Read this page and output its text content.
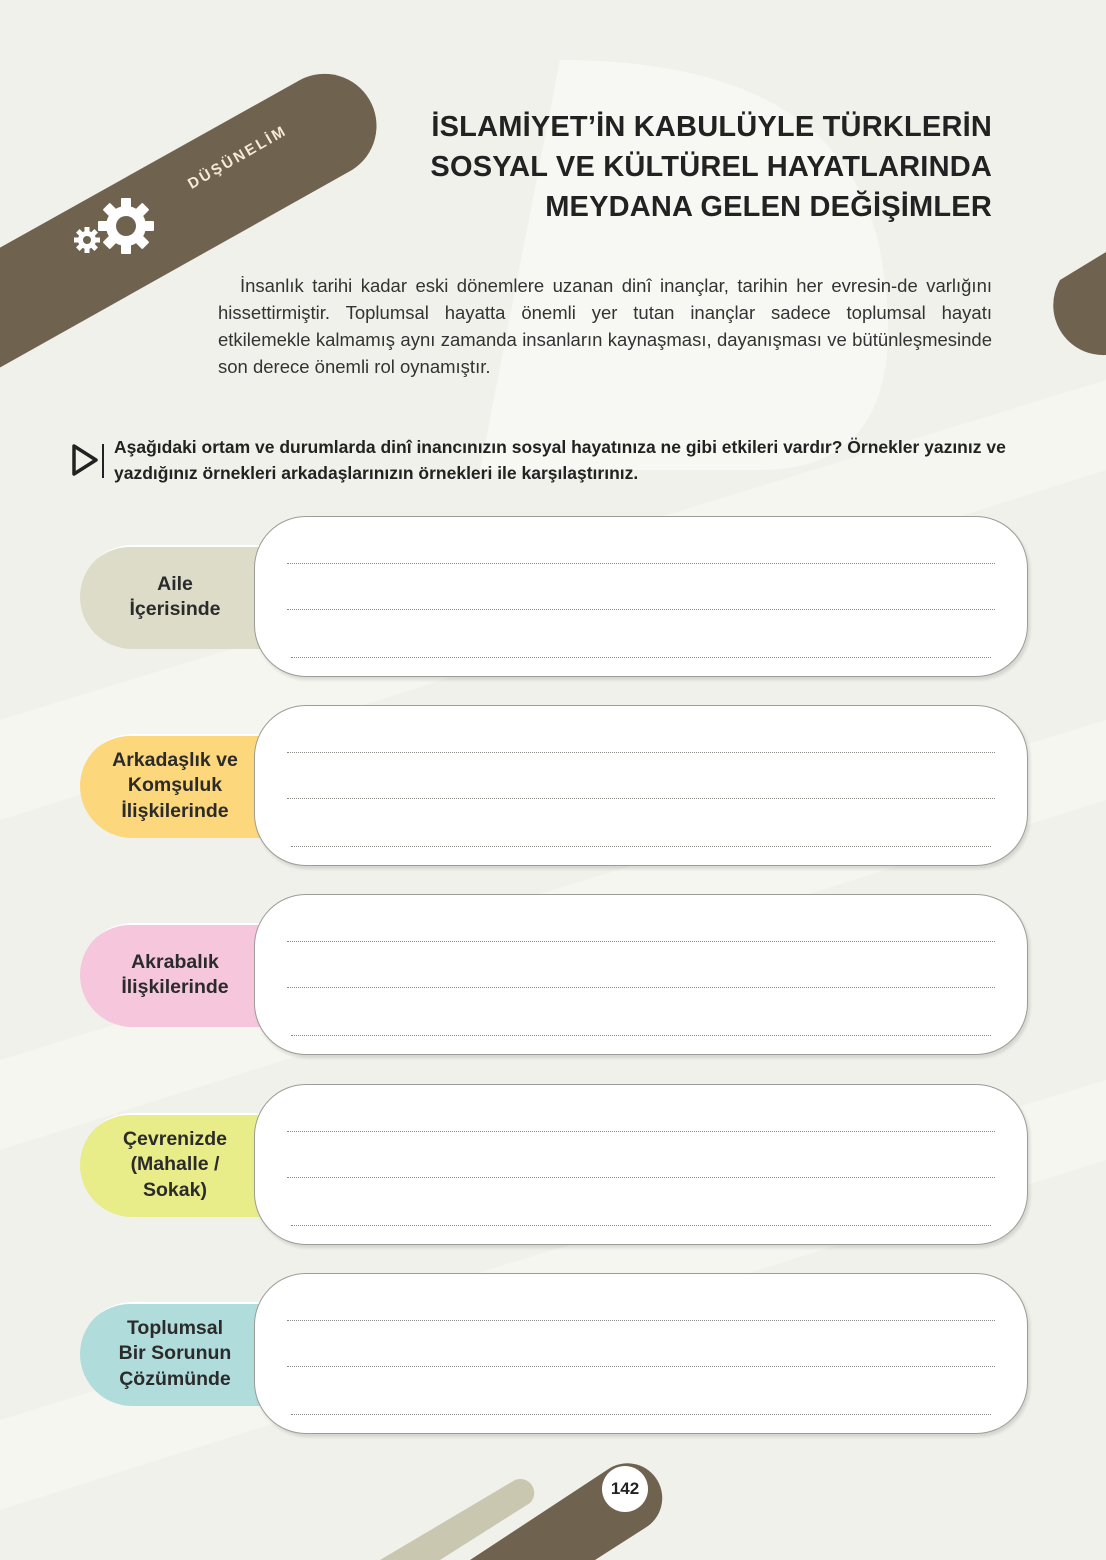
DÜŞÜNELİM	İSLAMİYET’İN KABULÜYLE TÜRKLERİN
SOSYAL VE KÜLTÜREL HAYATLARINDA
MEYDANA GELEN DEĞİŞİMLER
İnsanlık tarihi kadar eski dönemlere uzanan dinî inançlar, tarihin her evresin-de varlığını hissettirmiştir. Toplumsal hayatta önemli yer tutan inançlar sadece toplumsal hayatı etkilemekle kalmamış aynı zamanda insanların kaynaşması, dayanışması ve bütünleşmesinde son derece önemli rol oynamıştır.
Aşağıdaki ortam ve durumlarda dinî inancınızın sosyal hayatınıza ne gibi etkileri vardır? Örnekler yazınız ve yazdığınız örnekleri arkadaşlarınızın örnekleri ile karşılaştırınız.
Aile
İçerisinde
Arkadaşlık ve
Komşuluk
İlişkilerinde
Akrabalık
İlişkilerinde
Çevrenizde
(Mahalle /
Sokak)
Toplumsal
Bir Sorunun
Çözümünde
142
